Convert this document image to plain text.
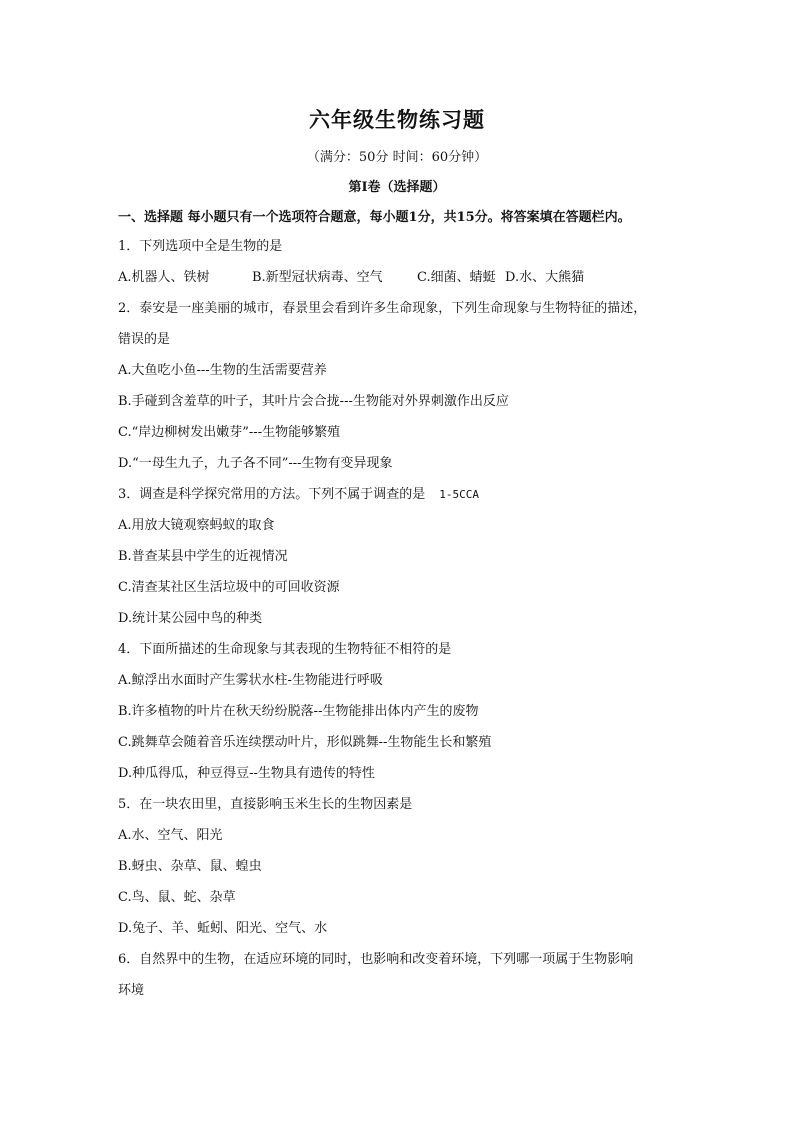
六年级生物练习题
（满分：50分 时间：60分钟）
第Ⅰ卷（选择题）
一、选择题 每小题只有一个选项符合题意，每小题1分，共15分。将答案填在答题栏内。
1．下列选项中全是生物的是
A.机器人、铁树	B.新型冠状病毒、空气	C.细菌、蜻蜓 D.水、大熊猫
2．泰安是一座美丽的城市，春景里会看到许多生命现象，下列生命现象与生物特征的描述，
错误的是
A.大鱼吃小鱼---生物的生活需要营养
B.手碰到含羞草的叶子，其叶片会合拢---生物能对外界刺激作出反应
C.“岸边柳树发出嫩芽”---生物能够繁殖
D.“一母生九子，九子各不同”---生物有变异现象
3．调查是科学探究常用的方法。下列不属于调查的是 1-5CCA
A.用放大镜观察蚂蚁的取食
B.普查某县中学生的近视情况
C.清查某社区生活垃圾中的可回收资源
D.统计某公园中鸟的种类
4．下面所描述的生命现象与其表现的生物特征不相符的是
A.鲸浮出水面时产生雾状水柱-生物能进行呼吸
B.许多植物的叶片在秋天纷纷脱落--生物能排出体内产生的废物
C.跳舞草会随着音乐连续摆动叶片，形似跳舞--生物能生长和繁殖
D.种瓜得瓜，种豆得豆--生物具有遗传的特性
5．在一块农田里，直接影响玉米生长的生物因素是
A.水、空气、阳光
B.蚜虫、杂草、鼠、蝗虫
C.鸟、鼠、蛇、杂草
D.兔子、羊、蚯蚓、阳光、空气、水
6．自然界中的生物，在适应环境的同时，也影响和改变着环境，下列哪一项属于生物影响
环境
